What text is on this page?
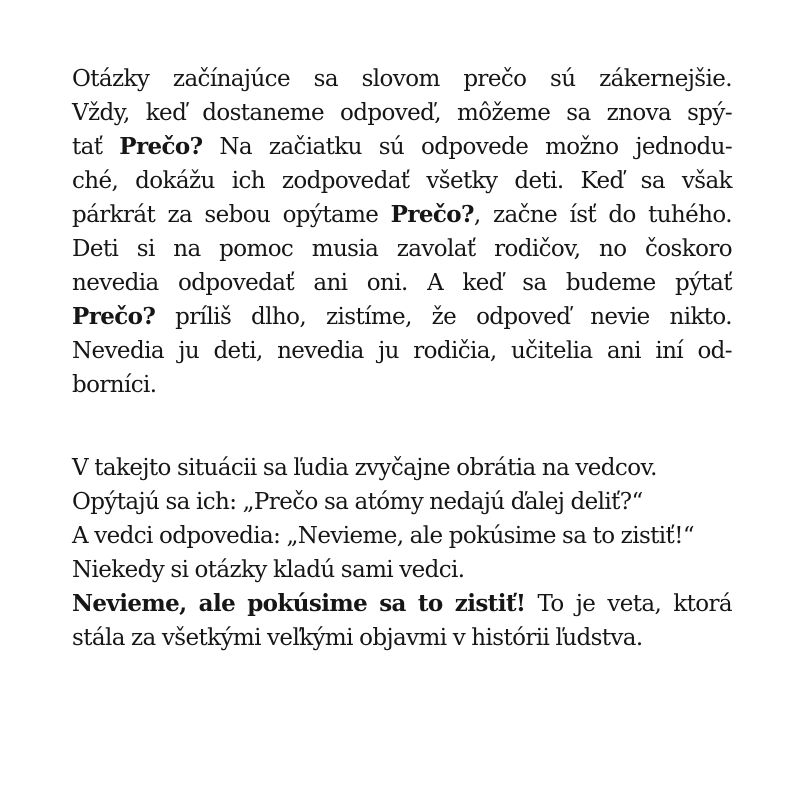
Otázky začínajúce sa slovom prečo sú zákernejšie.
Vždy, keď dostaneme odpoveď, môžeme sa znova spý-
tať Prečo? Na začiatku sú odpovede možno jednodu-
ché, dokážu ich zodpovedať všetky deti. Keď sa však
párkrát za sebou opýtame Prečo?, začne ísť do tuhého.
Deti si na pomoc musia zavolať rodičov, no čoskoro
nevedia odpovedať ani oni. A keď sa budeme pýtať
Prečo? príliš dlho, zistíme, že odpoveď nevie nikto.
Nevedia ju deti, nevedia ju rodičia, učitelia ani iní od-
borníci.
V takejto situácii sa ľudia zvyčajne obrátia na vedcov.
Opýtajú sa ich: „Prečo sa atómy nedajú ďalej deliť?“
A vedci odpovedia: „Nevieme, ale pokúsime sa to zistiť!“
Niekedy si otázky kladú sami vedci.
Nevieme, ale pokúsime sa to zistiť! To je veta, ktorá
stála za všetkými veľkými objavmi v histórii ľudstva.
